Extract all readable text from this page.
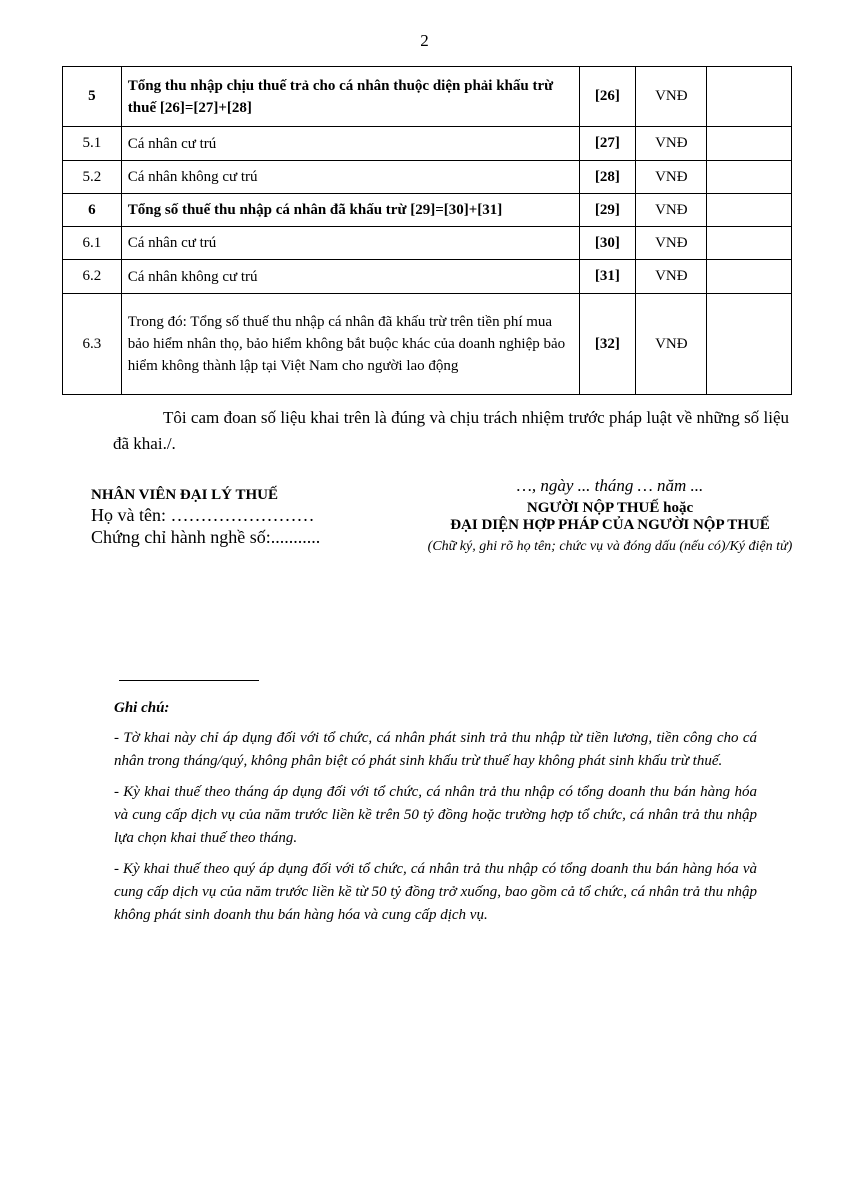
2
5	Tổng thu nhập chịu thuế trả cho cá nhân thuộc diện phải khấu trừ thuế [26]=[27]+[28]	[26]	VNĐ	
5.1	Cá nhân cư trú	[27]	VNĐ	
5.2	Cá nhân không cư trú	[28]	VNĐ	
6	Tổng số thuế thu nhập cá nhân đã khấu trừ [29]=[30]+[31]	[29]	VNĐ	
6.1	Cá nhân cư trú	[30]	VNĐ	
6.2	Cá nhân không cư trú	[31]	VNĐ	
6.3	Trong đó: Tổng số thuế thu nhập cá nhân đã khấu trừ trên tiền phí mua bảo hiểm nhân thọ, bảo hiểm không bắt buộc khác của doanh nghiệp bảo hiểm không thành lập tại Việt Nam cho người lao động	[32]	VNĐ	
Tôi cam đoan số liệu khai trên là đúng và chịu trách nhiệm trước pháp luật về những số liệu đã khai./.
NHÂN VIÊN ĐẠI LÝ THUẾ
Họ và tên: ……………………
Chứng chỉ hành nghề số:...........
…, ngày ... tháng … năm ...
NGƯỜI NỘP THUẾ hoặc
ĐẠI DIỆN HỢP PHÁP CỦA NGƯỜI NỘP THUẾ
(Chữ ký, ghi rõ họ tên; chức vụ và đóng dấu (nếu có)/Ký điện tử)
Ghi chú:

- Tờ khai này chỉ áp dụng đối với tổ chức, cá nhân phát sinh trả thu nhập từ tiền lương, tiền công cho cá nhân trong tháng/quý, không phân biệt có phát sinh khấu trừ thuế hay không phát sinh khấu trừ thuế.

- Kỳ khai thuế theo tháng áp dụng đối với tổ chức, cá nhân trả thu nhập có tổng doanh thu bán hàng hóa và cung cấp dịch vụ của năm trước liền kề trên 50 tỷ đồng hoặc trường hợp tổ chức, cá nhân trả thu nhập lựa chọn khai thuế theo tháng.

- Kỳ khai thuế theo quý áp dụng đối với tổ chức, cá nhân trả thu nhập có tổng doanh thu bán hàng hóa và cung cấp dịch vụ của năm trước liền kề từ 50 tỷ đồng trở xuống, bao gồm cả tổ chức, cá nhân trả thu nhập không phát sinh doanh thu bán hàng hóa và cung cấp dịch vụ.
